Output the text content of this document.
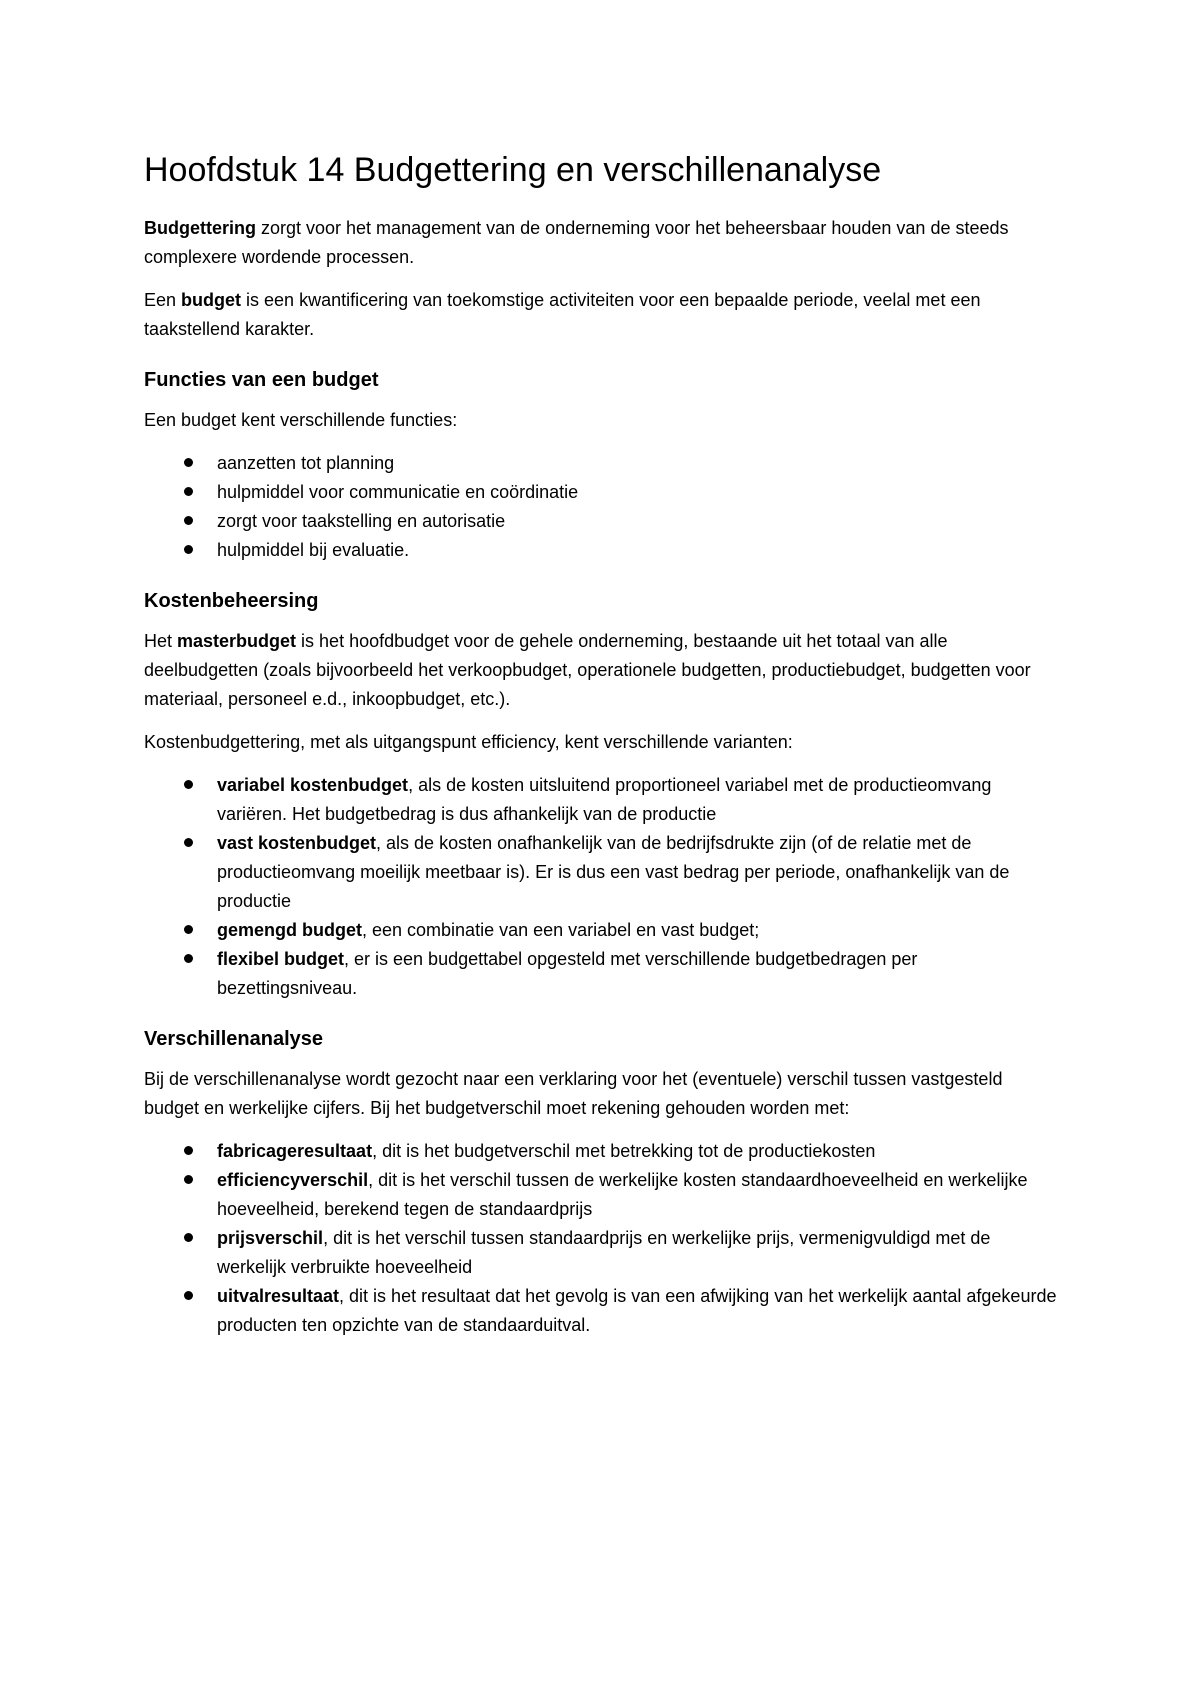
Hoofdstuk 14 Budgettering en verschillenanalyse

Budgettering zorgt voor het management van de onderneming voor het beheersbaar houden van de steeds complexere wordende processen.

Een budget is een kwantificering van toekomstige activiteiten voor een bepaalde periode, veelal met een taakstellend karakter.

Functies van een budget

Een budget kent verschillende functies:

aanzetten tot planning
hulpmiddel voor communicatie en coördinatie
zorgt voor taakstelling en autorisatie
hulpmiddel bij evaluatie.
Kostenbeheersing

Het masterbudget is het hoofdbudget voor de gehele onderneming, bestaande uit het totaal van alle deelbudgetten (zoals bijvoorbeeld het verkoopbudget, operationele budgetten, productiebudget, budgetten voor materiaal, personeel e.d., inkoopbudget, etc.).

Kostenbudgettering, met als uitgangspunt efficiency, kent verschillende varianten:

variabel kostenbudget, als de kosten uitsluitend proportioneel variabel met de productieomvang variëren. Het budgetbedrag is dus afhankelijk van de productie
vast kostenbudget, als de kosten onafhankelijk van de bedrijfsdrukte zijn (of de relatie met de productieomvang moeilijk meetbaar is). Er is dus een vast bedrag per periode, onafhankelijk van de productie
gemengd budget, een combinatie van een variabel en vast budget;
flexibel budget, er is een budgettabel opgesteld met verschillende budgetbedragen per bezettingsniveau.
Verschillenanalyse

Bij de verschillenanalyse wordt gezocht naar een verklaring voor het (eventuele) verschil tussen vastgesteld budget en werkelijke cijfers. Bij het budgetverschil moet rekening gehouden worden met:

fabricageresultaat, dit is het budgetverschil met betrekking tot de productiekosten
efficiencyverschil, dit is het verschil tussen de werkelijke kosten standaardhoeveelheid en werkelijke hoeveelheid, berekend tegen de standaardprijs
prijsverschil, dit is het verschil tussen standaardprijs en werkelijke prijs, vermenigvuldigd met de werkelijk verbruikte hoeveelheid
uitvalresultaat, dit is het resultaat dat het gevolg is van een afwijking van het werkelijk aantal afgekeurde producten ten opzichte van de standaarduitval.
